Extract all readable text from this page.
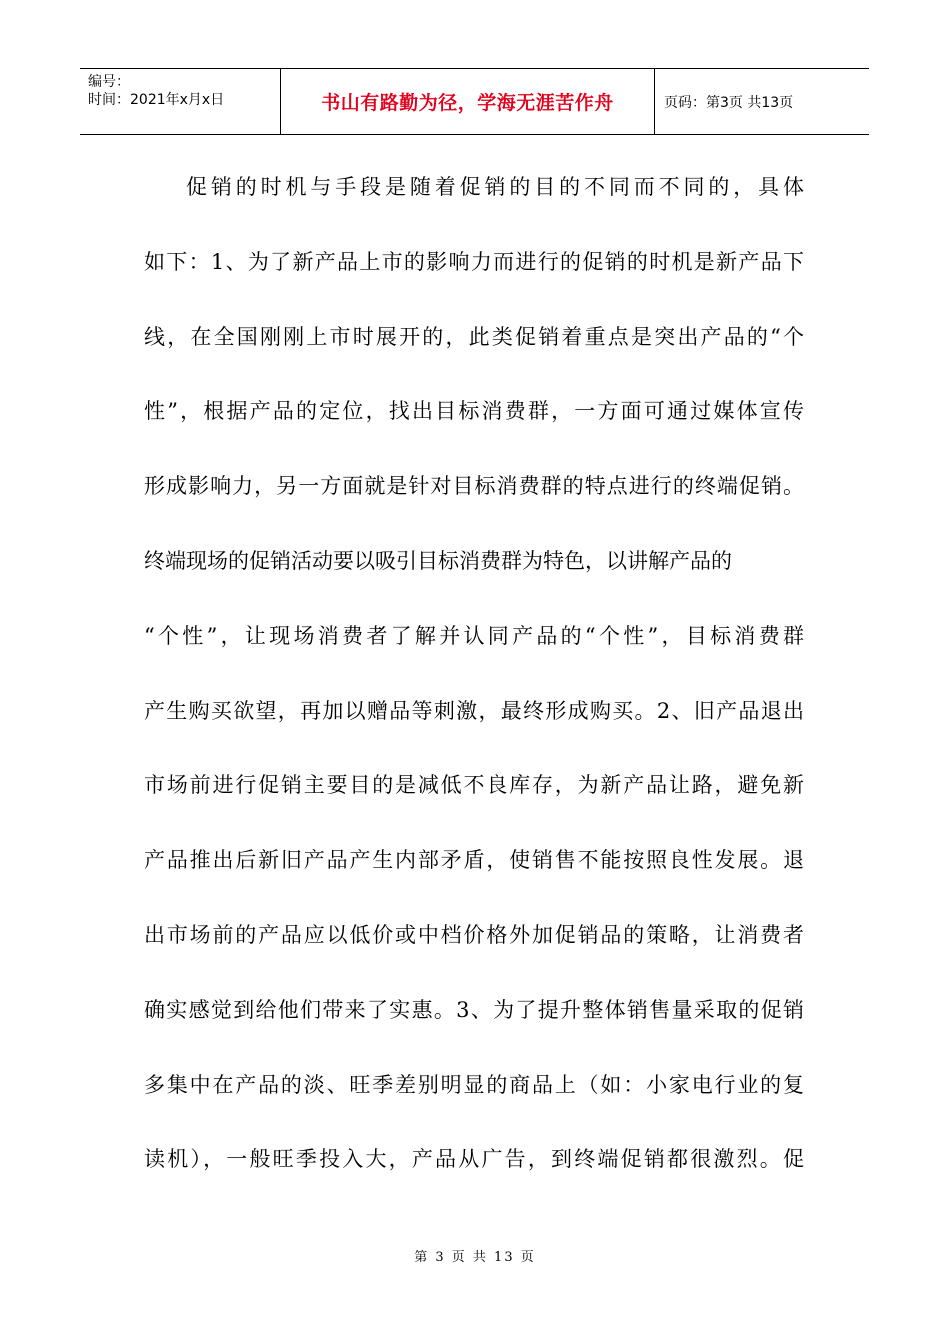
编号：
时间：2021年x月x日	书山有路勤为径，学海无涯苦作舟	页码：第3页 共13页
促销的时机与手段是随着促销的目的不同而不同的，具体
如下：1、为了新产品上市的影响力而进行的促销的时机是新产品下
线，在全国刚刚上市时展开的，此类促销着重点是突出产品的“个
性”，根据产品的定位，找出目标消费群，一方面可通过媒体宣传
形成影响力，另一方面就是针对目标消费群的特点进行的终端促销。
终端现场的促销活动要以吸引目标消费群为特色，以讲解产品的
“个性”，让现场消费者了解并认同产品的“个性”，目标消费群
产生购买欲望，再加以赠品等刺激，最终形成购买。2、旧产品退出
市场前进行促销主要目的是减低不良库存，为新产品让路，避免新
产品推出后新旧产品产生内部矛盾，使销售不能按照良性发展。退
出市场前的产品应以低价或中档价格外加促销品的策略，让消费者
确实感觉到给他们带来了实惠。3、为了提升整体销售量采取的促销
多集中在产品的淡、旺季差别明显的商品上（如：小家电行业的复
读机），一般旺季投入大，产品从广告，到终端促销都很激烈。促
第 3 页 共 13 页
